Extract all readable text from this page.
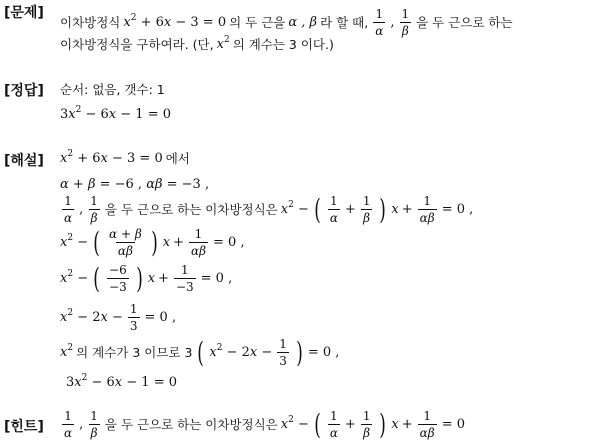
[문제]
이차방정식 $x^2 + 6x - 3 = 0$ 의 두 근을 α , β 라 할 때, $\frac{1}{\alpha}$ , $\frac{1}{\beta}$ 을 두 근으로 하는
이차방정식을 구하여라. (단, $x^2$ 의 계수는 3 이다.)
[정답] 순서: 없음, 갯수: 1
$3x^2 - 6x - 1 = 0$
[해설] $x^2 + 6x - 3 = 0$ 에서
α + β = −6 , αβ = −3 ,
$\frac{1}{\alpha}$ , $\frac{1}{\beta}$ 을 두 근으로 하는 이차방정식은 $x^2$ − ( $\frac{1}{\alpha} + \frac{1}{\beta}$ ) $x + \frac{1}{\alpha\beta} = 0$ ,
$x^2$ − ( $\frac{\alpha + \beta}{\alpha\beta}$ ) $x + \frac{1}{\alpha\beta} = 0$ ,
$x^2$ − ( $\frac{-6}{-3}$ ) $x + \frac{1}{-3} = 0$ ,
$x^2 - 2x - \frac{1}{3} = 0$ ,
$x^2$ 의 계수가 3 이므로 3 ( $x^2 - 2x - \frac{1}{3}$ ) = 0 ,
$3x^2 - 6x - 1 = 0$
[힌트] $\frac{1}{\alpha}$ , $\frac{1}{\beta}$ 을 두 근으로 하는 이차방정식은 $x^2$ − ( $\frac{1}{\alpha} + \frac{1}{\beta}$ ) $x + \frac{1}{\alpha\beta} = 0$
